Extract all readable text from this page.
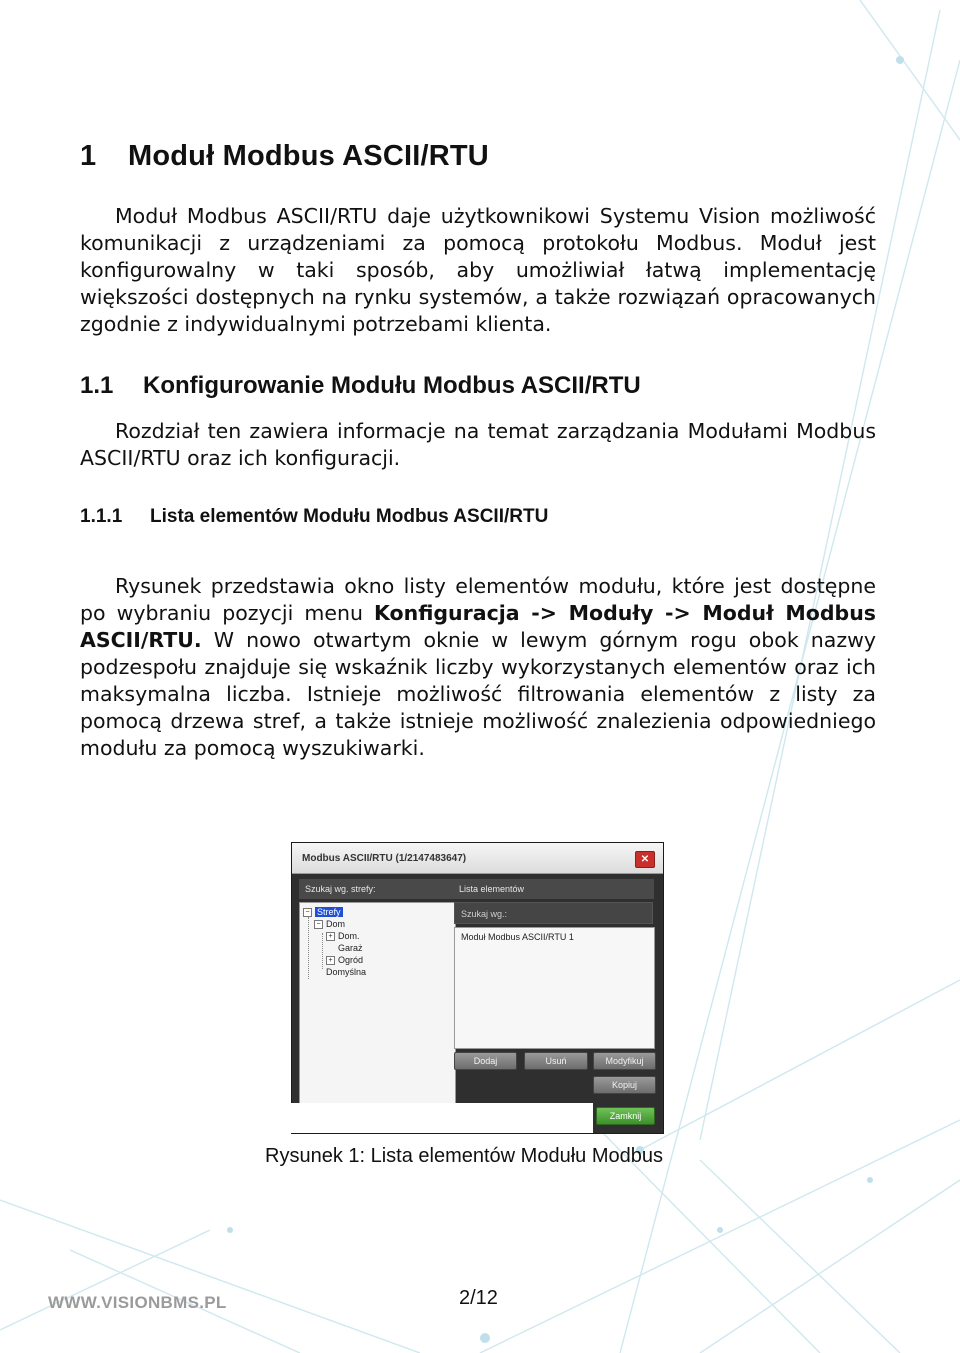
1 Moduł Modbus ASCII/RTU
Moduł Modbus ASCII/RTU daje użytkownikowi Systemu Vision możliwość komunikacji z urządzeniami za pomocą protokołu Modbus. Moduł jest konfigurowalny w taki sposób, aby umożliwiał łatwą implementację większości dostępnych na rynku systemów, a także rozwiązań opracowanych zgodnie z indywidualnymi potrzebami klienta.
1.1 Konfigurowanie Modułu Modbus ASCII/RTU
Rozdział ten zawiera informacje na temat zarządzania Modułami Modbus ASCII/RTU oraz ich konfiguracji.
1.1.1 Lista elementów Modułu Modbus ASCII/RTU
Rysunek przedstawia okno listy elementów modułu, które jest dostępne po wybraniu pozycji menu Konfiguracja -> Moduły -> Moduł Modbus ASCII/RTU. W nowo otwartym oknie w lewym górnym rogu obok nazwy podzespołu znajduje się wskaźnik liczby wykorzystanych elementów oraz ich maksymalna liczba. Istnieje możliwość filtrowania elementów z listy za pomocą drzewa stref, a także istnieje możliwość znalezienia odpowiedniego modułu za pomocą wyszukiwarki.
Modbus ASCII/RTU (1/2147483647)	✕
Szukaj wg. strefy:	Lista elementów
− Strefy
− Dom
+ Dom.
Garaż
+ Ogród
Domyślna
Szukaj wg.:
Moduł Modbus ASCII/RTU 1
Dodaj	Usuń	Modyfikuj
Kopiuj
Zamknij
Rysunek 1: Lista elementów Modułu Modbus
WWW.VISIONBMS.PL	2/12
